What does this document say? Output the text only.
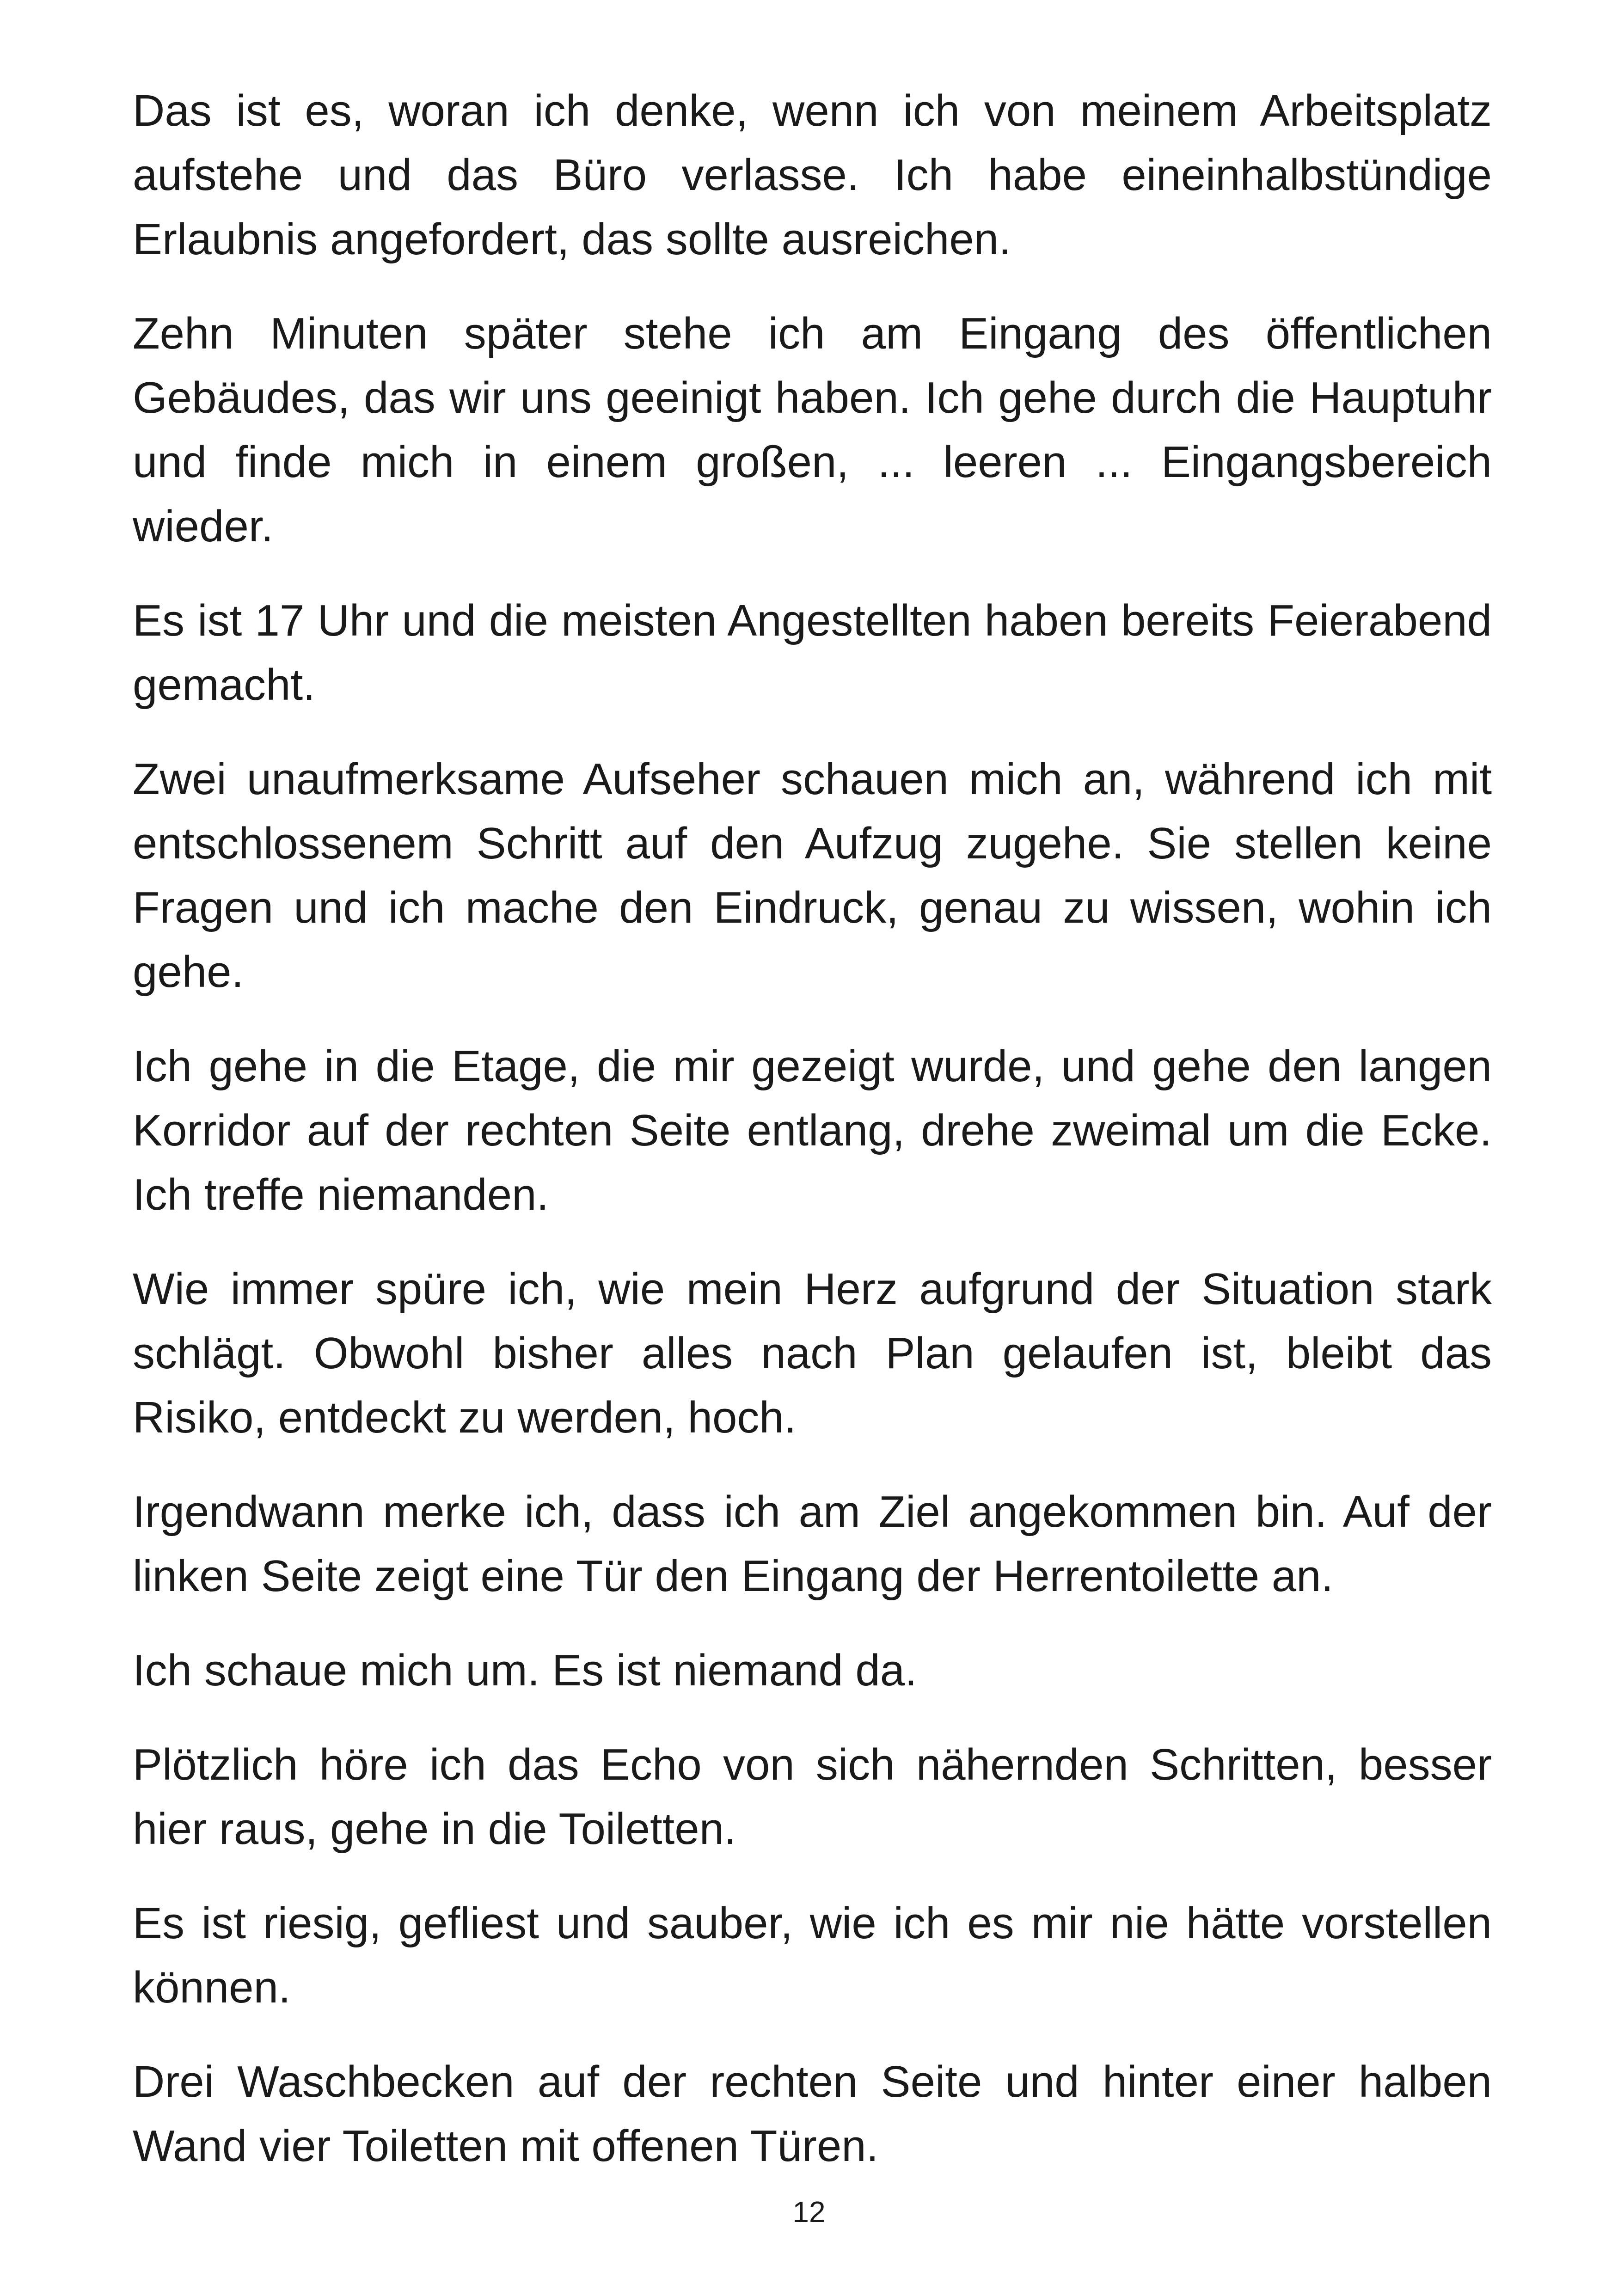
Das ist es, woran ich denke, wenn ich von meinem Arbeitsplatz aufstehe und das Büro verlasse. Ich habe eineinhalbstündige Erlaubnis angefordert, das sollte ausreichen.

Zehn Minuten später stehe ich am Eingang des öffentlichen Gebäudes, das wir uns geeinigt haben. Ich gehe durch die Hauptuhr und finde mich in einem großen, ... leeren ... Eingangsbereich wieder.

Es ist 17 Uhr und die meisten Angestellten haben bereits Feierabend gemacht.

Zwei unaufmerksame Aufseher schauen mich an, während ich mit entschlossenem Schritt auf den Aufzug zugehe. Sie stellen keine Fragen und ich mache den Eindruck, genau zu wissen, wohin ich gehe.

Ich gehe in die Etage, die mir gezeigt wurde, und gehe den langen Korridor auf der rechten Seite entlang, drehe zweimal um die Ecke. Ich treffe niemanden.

Wie immer spüre ich, wie mein Herz aufgrund der Situation stark schlägt. Obwohl bisher alles nach Plan gelaufen ist, bleibt das Risiko, entdeckt zu werden, hoch.

Irgendwann merke ich, dass ich am Ziel angekommen bin. Auf der linken Seite zeigt eine Tür den Eingang der Herrentoilette an.

Ich schaue mich um. Es ist niemand da.

Plötzlich höre ich das Echo von sich nähernden Schritten, besser hier raus, gehe in die Toiletten.

Es ist riesig, gefliest und sauber, wie ich es mir nie hätte vorstellen können.

Drei Waschbecken auf der rechten Seite und hinter einer halben Wand vier Toiletten mit offenen Türen.

12
